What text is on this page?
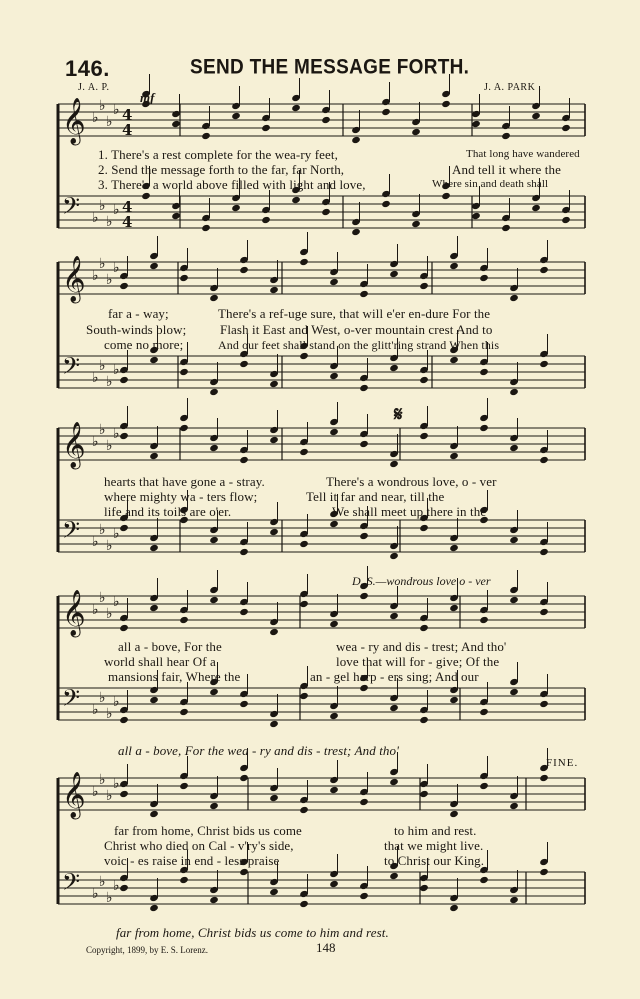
146.	SEND THE MESSAGE FORTH.
J. A. P.	J. A. PARK .
𝄞 ♭
♭
♭
♭ 4
4
𝄢 ♭
♭
♭
♭ 4
4
𝄞 ♭
♭
♭
♭
𝄢 ♭
♭
♭
♭
𝄞 ♭
♭
♭
♭
𝄢 ♭
♭
♭
♭
𝄞 ♭
♭
♭
♭
𝄢 ♭
♭
♭
♭
𝄞 ♭
♭
♭
♭
𝄢 ♭
♭
♭
♭
mf
𝄋
1. There's a rest complete for the wea-ry feet,	That long have wandered
2. Send the message forth to the far, far North,	And tell it where the
3. There's a world above filled with light and love,	Where sin and death shall
far a - way;	There's a ref-uge sure, that will e'er en-dure For the
South-winds blow;	Flash it East and West, o-ver mountain crest And to
come no more;	And our feet shall stand on the glitt'ring strand When this
hearts that have gone a - stray.	There's a wondrous love, o - ver
where mighty wa - ters flow;	Tell it far and near, till the
life and its toils are o'er.	We shall meet up there in the
D. S.—wondrous love o - ver
all a - bove, For the	wea - ry and dis - trest; And tho'
world shall hear Of a	love that will for - give; Of the
mansions fair, Where the	an - gel harp - ers sing; And our
all a - bove, For the wea - ry and dis - trest; And tho'
FINE.
far from home, Christ bids us come	to him and rest.
Christ who died on Cal - v'ry's side,	that we might live.
voic - es raise in end - less praise	to Christ our King.
far from home, Christ bids us come to him and rest.
Copyright, 1899, by E. S. Lorenz.	148
